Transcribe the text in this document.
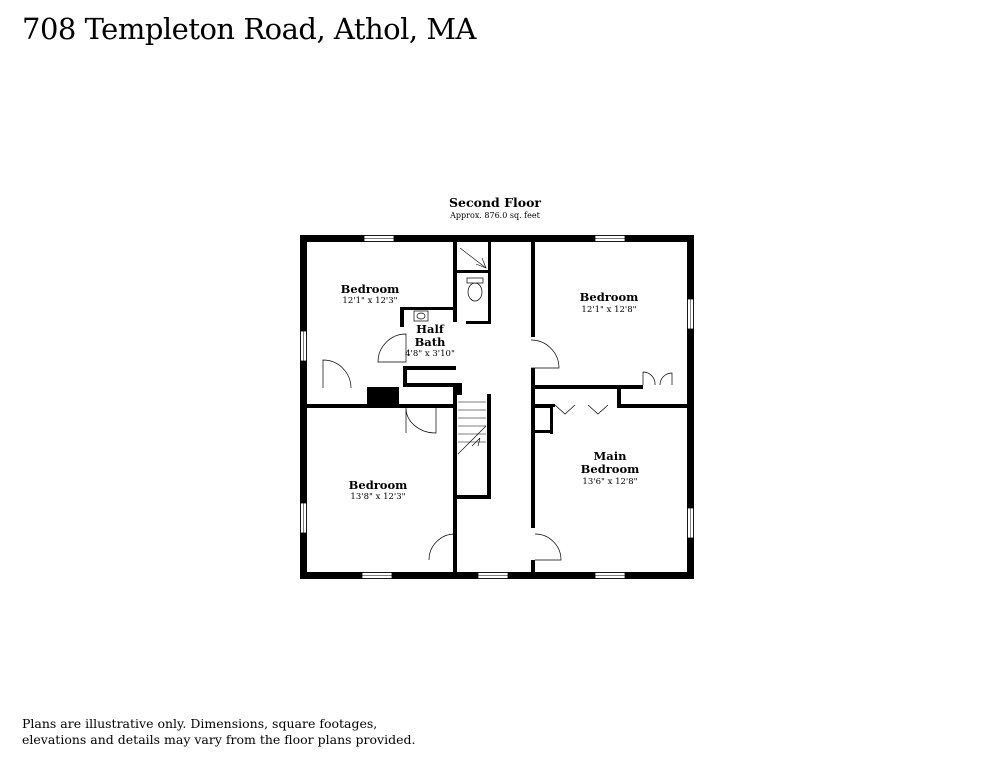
708 Templeton Road, Athol, MA
Second Floor
Approx. 876.0 sq. feet
Bedroom
12'1" x 12'3"
Half
Bath
4'8" x 3'10"
Bedroom
12'1" x 12'8"
Bedroom
13'8" x 12'3"
Main
Bedroom
13'6" x 12'8"
Plans are illustrative only. Dimensions, square footages,
elevations and details may vary from the floor plans provided.
